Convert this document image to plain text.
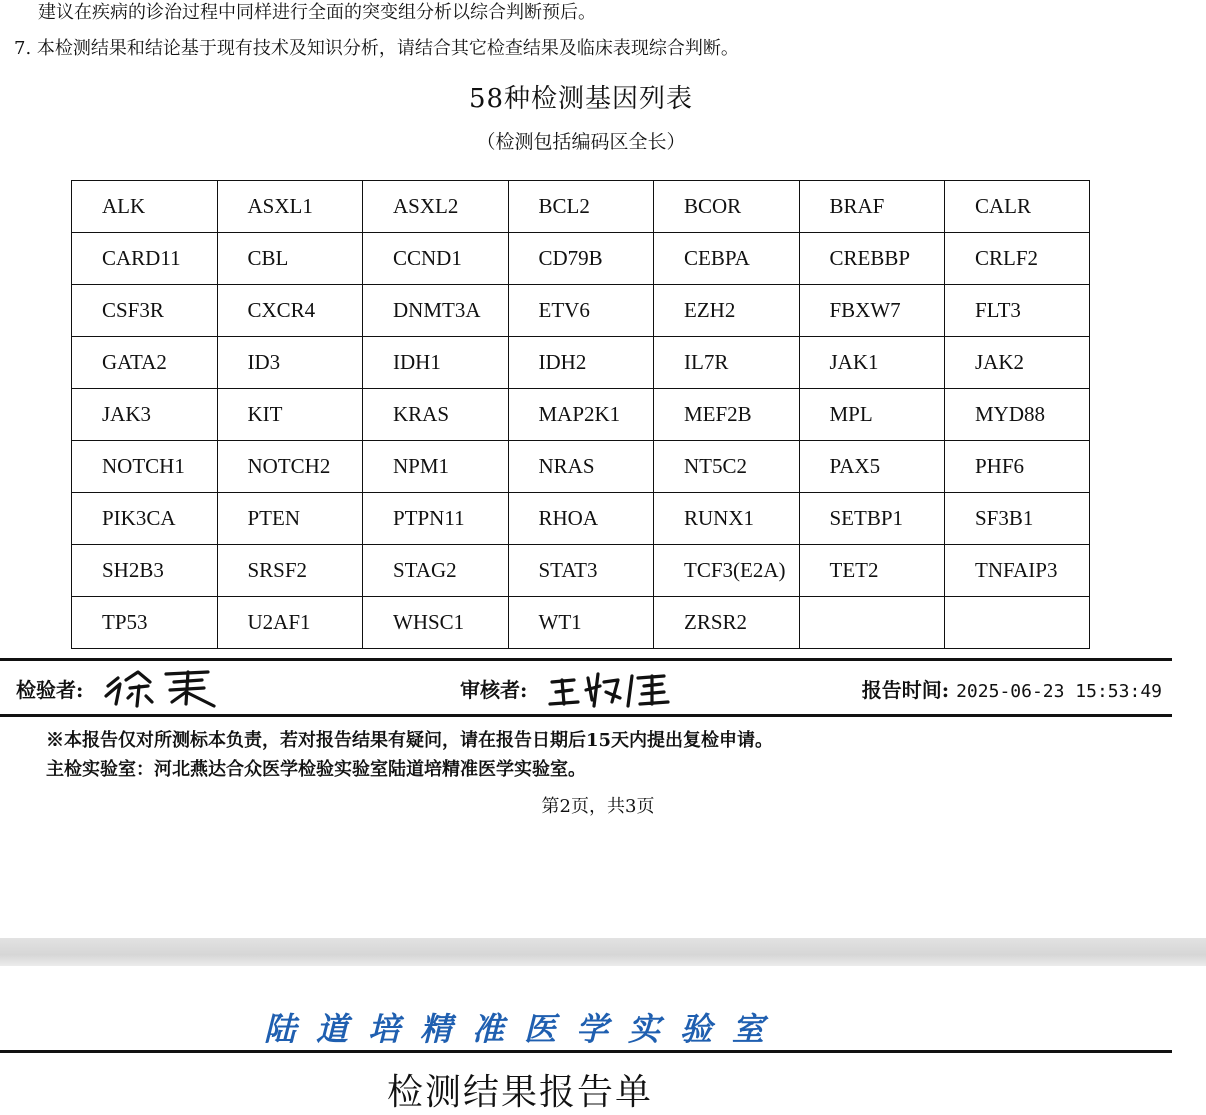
建议在疾病的诊治过程中同样进行全面的突变组分析以综合判断预后。
7. 本检测结果和结论基于现有技术及知识分析，请结合其它检查结果及临床表现综合判断。
58种检测基因列表
（检测包括编码区全长）
ALK	ASXL1	ASXL2	BCL2	BCOR	BRAF	CALR
CARD11	CBL	CCND1	CD79B	CEBPA	CREBBP	CRLF2
CSF3R	CXCR4	DNMT3A	ETV6	EZH2	FBXW7	FLT3
GATA2	ID3	IDH1	IDH2	IL7R	JAK1	JAK2
JAK3	KIT	KRAS	MAP2K1	MEF2B	MPL	MYD88
NOTCH1	NOTCH2	NPM1	NRAS	NT5C2	PAX5	PHF6
PIK3CA	PTEN	PTPN11	RHOA	RUNX1	SETBP1	SF3B1
SH2B3	SRSF2	STAG2	STAT3	TCF3(E2A)	TET2	TNFAIP3
TP53	U2AF1	WHSC1	WT1	ZRSR2		
检验者:	审核者:	报告时间: 2025-06-23 15:53:49
※本报告仅对所测标本负责，若对报告结果有疑问，请在报告日期后15天内提出复检申请。
主检实验室：河北燕达合众医学检验实验室陆道培精准医学实验室。
第2页，共3页
陆道培精准医学实验室
检测结果报告单
